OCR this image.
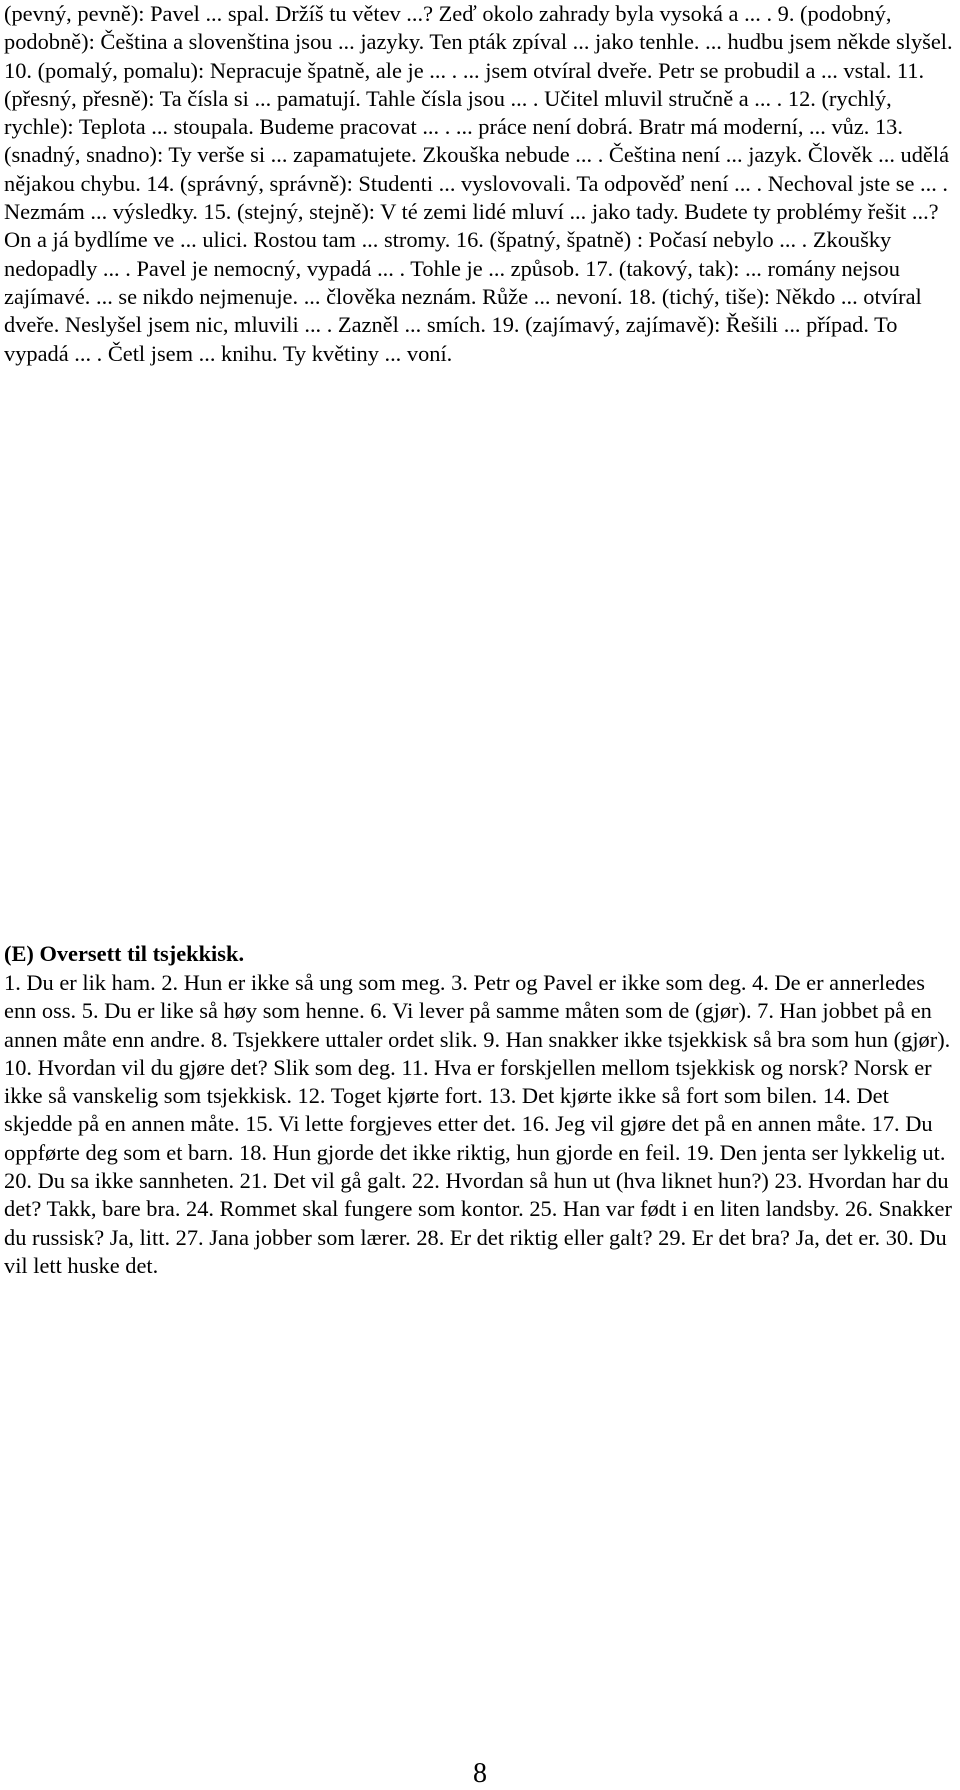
(pevný, pevně): Pavel ... spal. Držíš tu větev ...? Zeď okolo zahrady byla vysoká a ... . 9. (podobný, podobně): Čeština a slovenština jsou ... jazyky. Ten pták zpíval ... jako tenhle. ... hudbu jsem někde slyšel. 10. (pomalý, pomalu): Nepracuje špatně, ale je ... . ... jsem otvíral dveře. Petr se probudil a ... vstal. 11. (přesný, přesně): Ta čísla si ... pamatují. Tahle čísla jsou ... . Učitel mluvil stručně a ... . 12. (rychlý, rychle): Teplota ... stoupala. Budeme pracovat ... . ... práce není dobrá. Bratr má moderní, ... vůz. 13. (snadný, snadno): Ty verše si ... zapamatujete. Zkouška nebude ... . Čeština není ... jazyk. Člověk ... udělá nějakou chybu. 14. (správný, správně): Studenti ... vyslovovali. Ta odpověď není ... . Nechoval jste se ... . Nezmám ... výsledky. 15. (stejný, stejně): V té zemi lidé mluví ... jako tady. Budete ty problémy řešit ...? On a já bydlíme ve ... ulici. Rostou tam ... stromy. 16. (špatný, špatně) : Počasí nebylo ... . Zkoušky nedopadly ... . Pavel je nemocný, vypadá ... . Tohle je ... způsob. 17. (takový, tak): ... romány nejsou zajímavé. ... se nikdo nejmenuje. ... člověka neznám. Růže ... nevoní. 18. (tichý, tiše): Někdo ... otvíral dveře. Neslyšel jsem nic, mluvili ... . Zazněl ... smích. 19. (zajímavý, zajímavě): Řešili ... případ. To vypadá ... . Četl jsem ... knihu. Ty květiny ... voní.

(E) Oversett til tsjekkisk.

1. Du er lik ham. 2. Hun er ikke så ung som meg. 3. Petr og Pavel er ikke som deg. 4. De er annerledes enn oss. 5. Du er like så høy som henne. 6. Vi lever på samme måten som de (gjør). 7. Han jobbet på en annen måte enn andre. 8. Tsjekkere uttaler ordet slik. 9. Han snakker ikke tsjekkisk så bra som hun (gjør). 10. Hvordan vil du gjøre det? Slik som deg. 11. Hva er forskjellen mellom tsjekkisk og norsk? Norsk er ikke så vanskelig som tsjekkisk. 12. Toget kjørte fort. 13. Det kjørte ikke så fort som bilen. 14. Det skjedde på en annen måte. 15. Vi lette forgjeves etter det. 16. Jeg vil gjøre det på en annen måte. 17. Du oppførte deg som et barn. 18. Hun gjorde det ikke riktig, hun gjorde en feil. 19. Den jenta ser lykkelig ut. 20. Du sa ikke sannheten. 21. Det vil gå galt. 22. Hvordan så hun ut (hva liknet hun?) 23. Hvordan har du det? Takk, bare bra. 24. Rommet skal fungere som kontor. 25. Han var født i en liten landsby. 26. Snakker du russisk? Ja, litt. 27. Jana jobber som lærer. 28. Er det riktig eller galt? 29. Er det bra? Ja, det er. 30. Du vil lett huske det.

8
